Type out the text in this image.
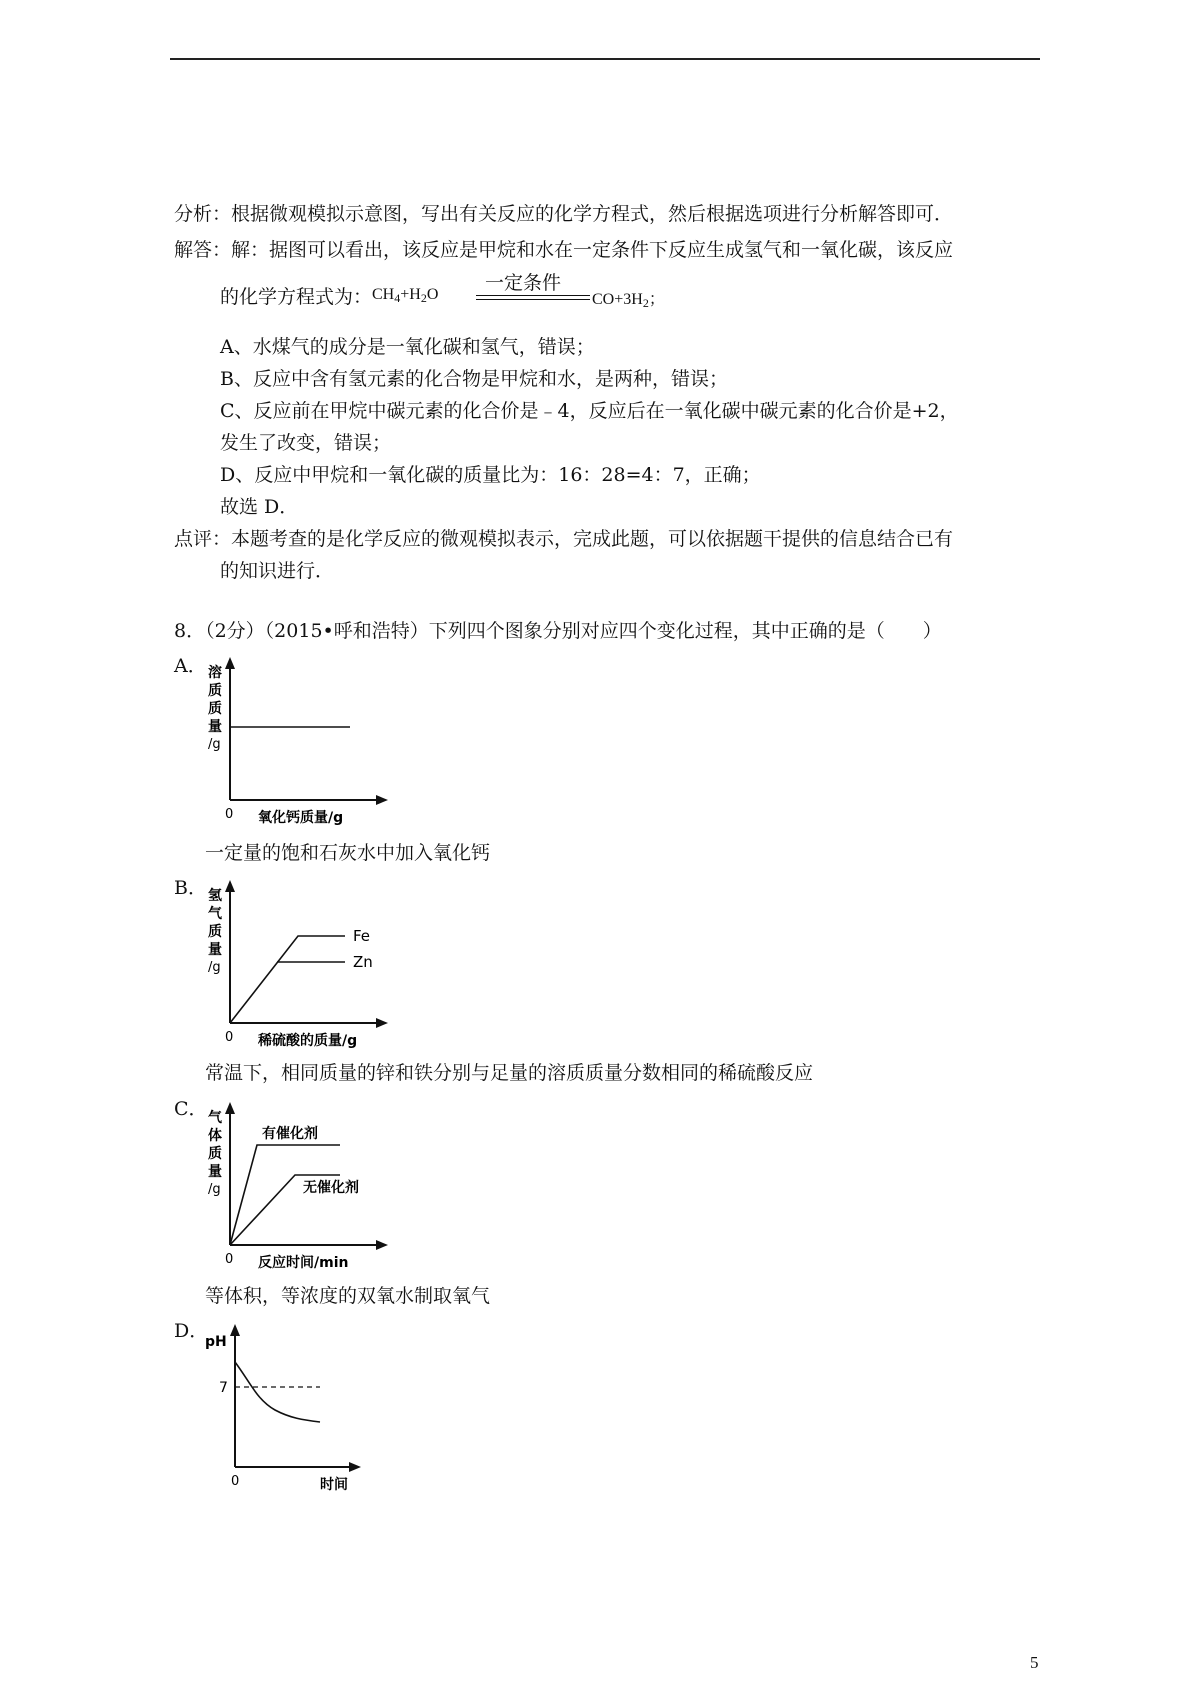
分析：根据微观模拟示意图，写出有关反应的化学方程式，然后根据选项进行分析解答即可．
解答：解：据图可以看出，该反应是甲烷和水在一定条件下反应生成氢气和一氧化碳，该反应
的化学方程式为： $CH_4+H_2O$
一定条件
$CO+3H_2$；
A、水煤气的成分是一氧化碳和氢气，错误；
B、反应中含有氢元素的化合物是甲烷和水，是两种，错误；
C、反应前在甲烷中碳元素的化合价是﹣4，反应后在一氧化碳中碳元素的化合价是+2，
发生了改变，错误；
D、反应中甲烷和一氧化碳的质量比为：16：28=4：7，正确；
故选 D．
点评：本题考查的是化学反应的微观模拟表示，完成此题，可以依据题干提供的信息结合已有
的知识进行．
8．（2分）（2015•呼和浩特）下列四个图象分别对应四个变化过程，其中正确的是（　　）
A． 溶
质
质
量
/g
0 氧化钙质量/g
一定量的饱和石灰水中加入氧化钙
B． 氢
气
质
量
/g
Fe
Zn
0 稀硫酸的质量/g
常温下，相同质量的锌和铁分别与足量的溶质质量分数相同的稀硫酸反应
C． 气
体
质
量
/g
有催化剂
无催化剂
0 反应时间/min
等体积，等浓度的双氧水制取氧气
D．
pH
7
0	时间
5
